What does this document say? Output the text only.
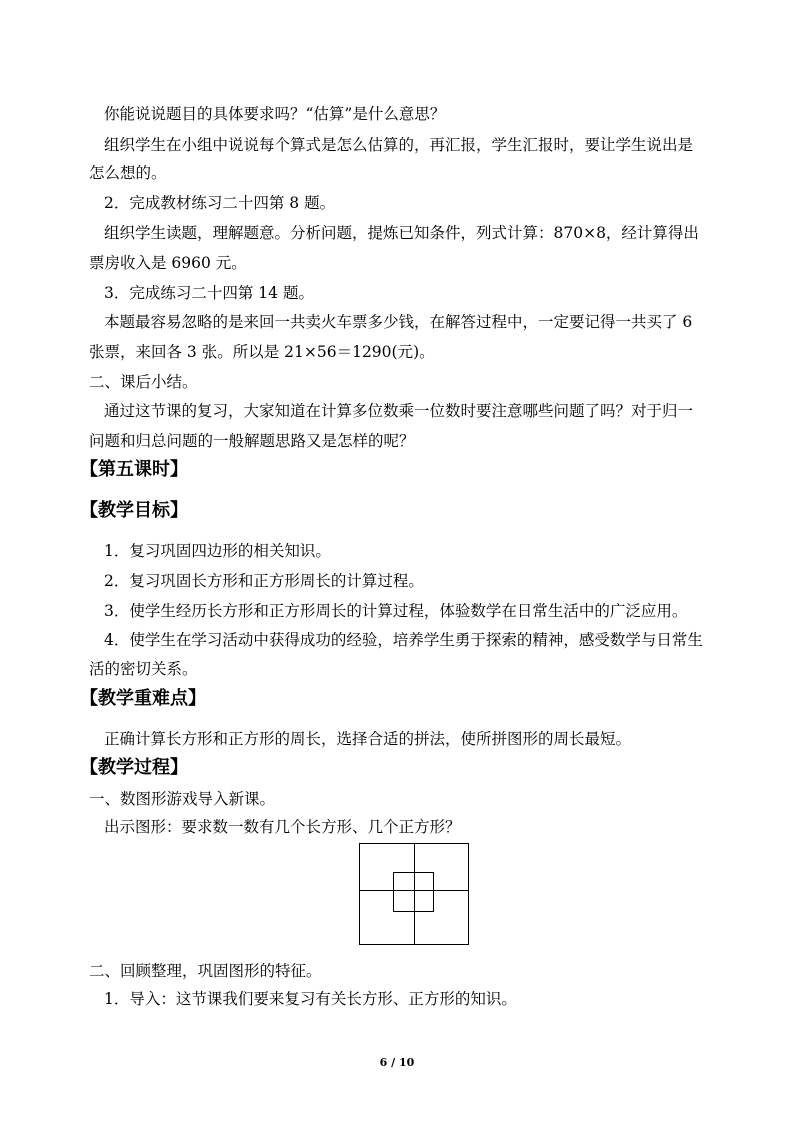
你能说说题目的具体要求吗？“估算”是什么意思？
组织学生在小组中说说每个算式是怎么估算的，再汇报，学生汇报时，要让学生说出是
怎么想的。
2．完成教材练习二十四第 8 题。
组织学生读题，理解题意。分析问题，提炼已知条件，列式计算：870×8，经计算得出
票房收入是 6960 元。
3．完成练习二十四第 14 题。
本题最容易忽略的是来回一共卖火车票多少钱，在解答过程中，一定要记得一共买了 6
张票，来回各 3 张。所以是 21×56＝1290(元)。
二、课后小结。
通过这节课的复习，大家知道在计算多位数乘一位数时要注意哪些问题了吗？对于归一
问题和归总问题的一般解题思路又是怎样的呢？
【第五课时】
【教学目标】
1．复习巩固四边形的相关知识。
2．复习巩固长方形和正方形周长的计算过程。
3．使学生经历长方形和正方形周长的计算过程，体验数学在日常生活中的广泛应用。
4．使学生在学习活动中获得成功的经验，培养学生勇于探索的精神，感受数学与日常生
活的密切关系。
【教学重难点】
正确计算长方形和正方形的周长，选择合适的拼法，使所拼图形的周长最短。
【教学过程】
一、数图形游戏导入新课。
出示图形：要求数一数有几个长方形、几个正方形？
二、回顾整理，巩固图形的特征。
1．导入：这节课我们要来复习有关长方形、正方形的知识。
6 / 10
